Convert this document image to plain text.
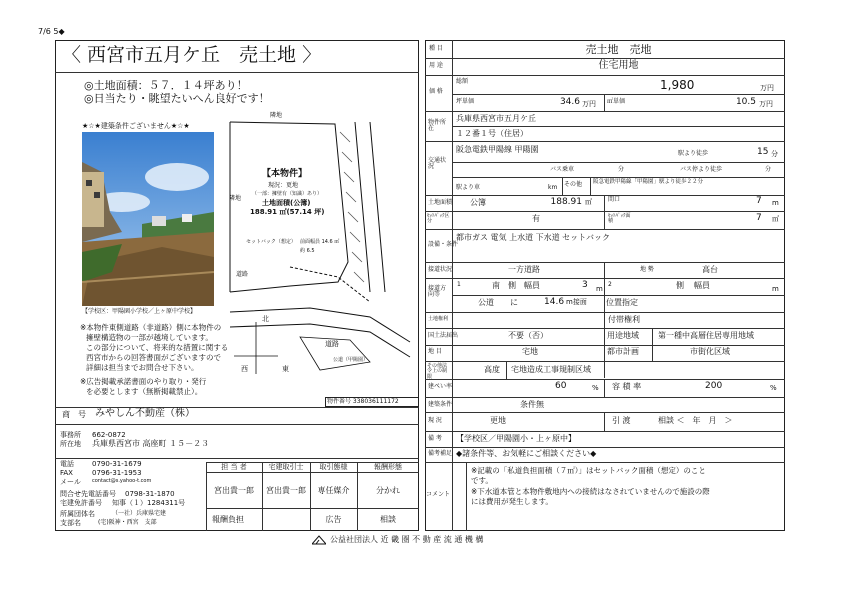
7/6 5◆
〈 西宮市五月ケ丘　売土地 〉
◎土地面積：５７．１４坪あり！
◎日当たり・眺望たいへん良好です！
★☆★建築条件ございません★☆★
【学校区：甲陽園小学校／上ヶ原中学校】
隣地
隣地
【本物件】
現況：更地
（一部：擁壁有（知識）あり）
土地面積(公簿)
188.91 ㎡(57.14 坪)
セットバック（想定） 前面幅員 14.6 ㎡
約 6.5
道路
北
道路
西	東
公道（甲陽園）
※本物件東側道路（非道路）側に本物件の
擁壁構造物の一部が越境しています。
この部分について、将来的な措置に関する
西宮市からの回答書面がございますので
詳細は担当までお問合せ下さい。
※広告掲載承諾書面のやり取り・発行
を必要とします（無断掲載禁止）。
物件番号 338036111172
商　号 みやしん不動産（株）
事務所 662-0872
所在地 兵庫県西宮市 高座町 １５－２３
電話	0790-31-1679
FAX	0796-31-1953
メール contact@s.yahoo-t.com
問合せ先電話番号 0798-31-1870
宅建免許番号 知事（１）1284311号
所属団体名	（一社）兵庫県宅建
支部名	(宅)阪神・西宮　支部
担 当 者	宅建取引士	取引態様	報酬形態
宮出貴一郎	宮出貴一郎	専任媒介	分かれ
報酬負担	広告	相談
種 目	売土地　売地
用 途	住宅用地
価 格
総額	1,980	万円
坪単価	34.6 万円 ㎡単価	10.5 万円
物件所在
兵庫県西宮市五月ケ丘
１２番１号（住居）
交通状況
阪急電鉄甲陽線 甲陽園	駅より徒歩	15 分
バス乗車	分	バス停より徒歩	分
駅より車	km その他 阪急電鉄甲陽線「甲陽園」駅より徒歩２２分
土地面積 公簿	188.91 ㎡	間口	7 m
ｾｯﾄﾊﾞｯｸ区分	有	ｾｯﾄﾊﾞｯｸ面積	7 ㎡
設備・条件
都市ガス 電気 上水道 下水道 セットバック
接道状況	一方道路	地 勢	高台
接道方向等
1	南 側 幅員	3 m
2	側 幅員	m
公道 に	14.6 m接面 位置指定
土地権利	付帯権利
国土法届出	不要（否）	用途地域 第一種中高層住居専用地域
地 目	宅地	都市計画	市街化区域
その他法令上の制限
高度 宅地造成工事規制区域
建ぺい率	60	% 容 積 率	200	%
建築条件	条件無
現 況	更地	引 渡	相談 ＜　年　月　＞
備 考 【学校区／甲陽園小・上ヶ原中】
備考補足 ◆諸条件等、お気軽にご相談ください◆
コメント
※記載の「私道負担面積（７㎡）」はセットバック面積（想定）のこと
です。
※下水道本管と本物件敷地内への接続はなされていませんので施設の際
には費用が発生します。
公益社団法人 近 畿 圏 不 動 産 流 通 機 構
